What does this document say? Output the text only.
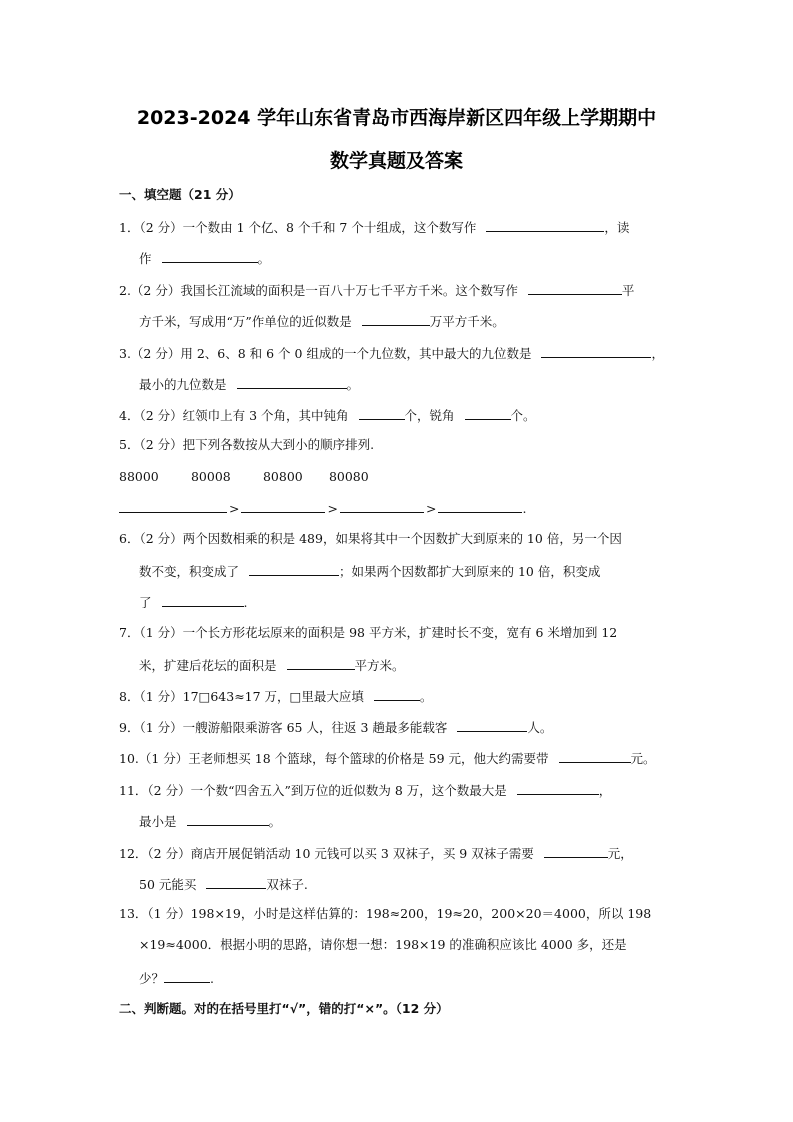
2023-2024 学年山东省青岛市西海岸新区四年级上学期期中
数学真题及答案
一、填空题（21 分）
1．（2 分）一个数由 1 个亿、8 个千和 7 个十组成，这个数写作	，读
作	。
2.（2 分）我国长江流域的面积是一百八十万七千平方千米。这个数写作	平
方千米，写成用“万”作单位的近似数是	万平方千米。
3.（2 分）用 2、6、8 和 6 个 0 组成的一个九位数，其中最大的九位数是	，
最小的九位数是	。
4．（2 分）红领巾上有 3 个角，其中钝角	个，锐角	个。
5．（2 分）把下列各数按从大到小的顺序排列.
88000	80008	80800 80080
>	>	>	.
6．（2 分）两个因数相乘的积是 489，如果将其中一个因数扩大到原来的 10 倍，另一个因
数不变，积变成了	；如果两个因数都扩大到原来的 10 倍，积变成
了	.
7．（1 分）一个长方形花坛原来的面积是 98 平方米，扩建时长不变，宽有 6 米增加到 12
米，扩建后花坛的面积是	平方米。
8．（1 分）17□643≈17 万，□里最大应填	。
9．（1 分）一艘游船限乘游客 65 人，往返 3 趟最多能载客	人。
10.（1 分）王老师想买 18 个篮球，每个篮球的价格是 59 元，他大约需要带	元。
11．（2 分）一个数“四舍五入”到万位的近似数为 8 万，这个数最大是	，
最小是	。
12．（2 分）商店开展促销活动 10 元钱可以买 3 双袜子，买 9 双袜子需要	元，
50 元能买	双袜子.
13．（1 分）198×19，小时是这样估算的：198≈200，19≈20，200×20＝4000，所以 198
×19≈4000．根据小明的思路，请你想一想：198×19 的准确积应该比 4000 多，还是
少？	.
二、判断题。对的在括号里打“√”，错的打“×”。（12 分）
